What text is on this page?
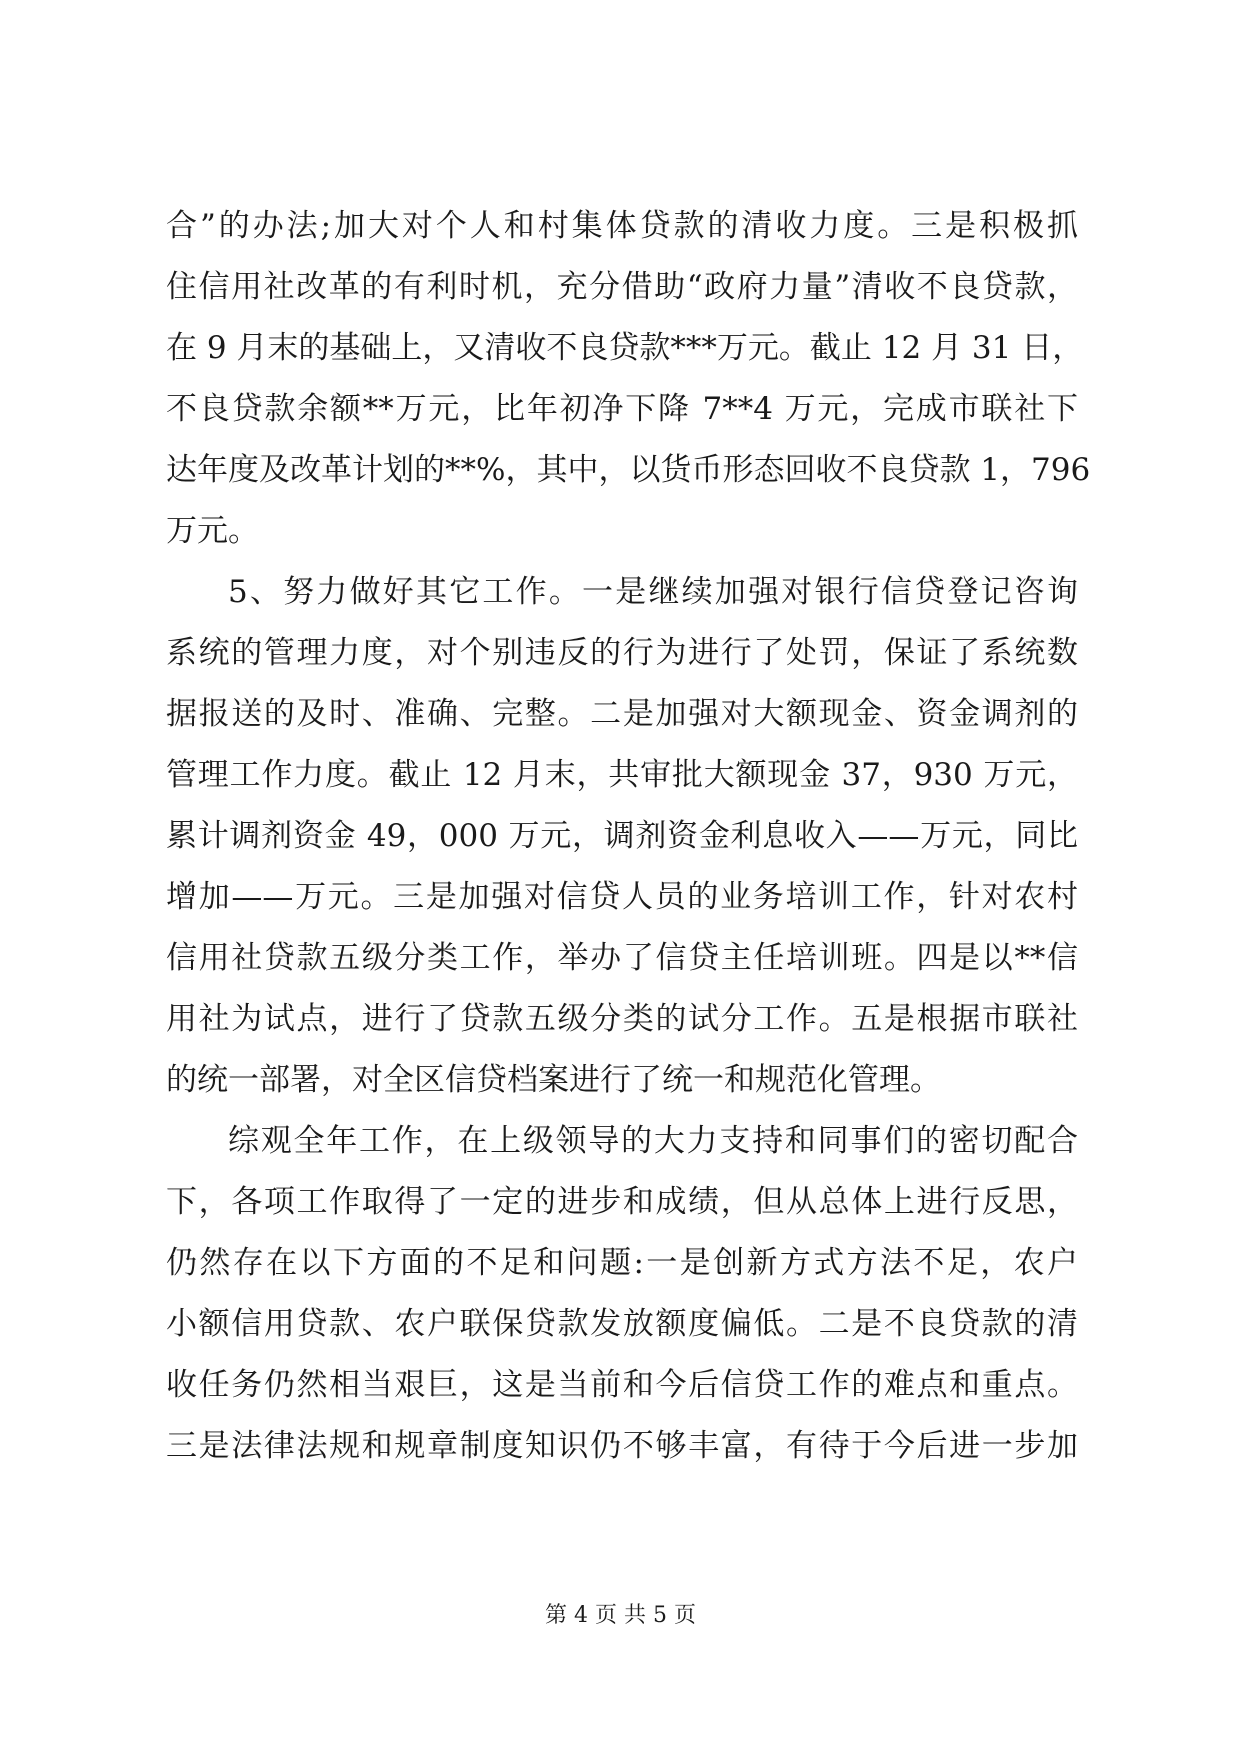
合”的办法;加大对个人和村集体贷款的清收力度。三是积极抓
住信用社改革的有利时机，充分借助“政府力量”清收不良贷款，
在 9 月末的基础上，又清收不良贷款***万元。截止 12 月 31 日，
不良贷款余额**万元，比年初净下降 7**4 万元，完成市联社下
达年度及改革计划的**%，其中，以货币形态回收不良贷款 1，796
万元。
5、努力做好其它工作。一是继续加强对银行信贷登记咨询
系统的管理力度，对个别违反的行为进行了处罚，保证了系统数
据报送的及时、准确、完整。二是加强对大额现金、资金调剂的
管理工作力度。截止 12 月末，共审批大额现金 37，930 万元，
累计调剂资金 49，000 万元，调剂资金利息收入——万元，同比
增加——万元。三是加强对信贷人员的业务培训工作，针对农村
信用社贷款五级分类工作，举办了信贷主任培训班。四是以**信
用社为试点，进行了贷款五级分类的试分工作。五是根据市联社
的统一部署，对全区信贷档案进行了统一和规范化管理。
综观全年工作，在上级领导的大力支持和同事们的密切配合
下，各项工作取得了一定的进步和成绩，但从总体上进行反思，
仍然存在以下方面的不足和问题:一是创新方式方法不足，农户
小额信用贷款、农户联保贷款发放额度偏低。二是不良贷款的清
收任务仍然相当艰巨，这是当前和今后信贷工作的难点和重点。
三是法律法规和规章制度知识仍不够丰富，有待于今后进一步加
第 4 页 共 5 页
